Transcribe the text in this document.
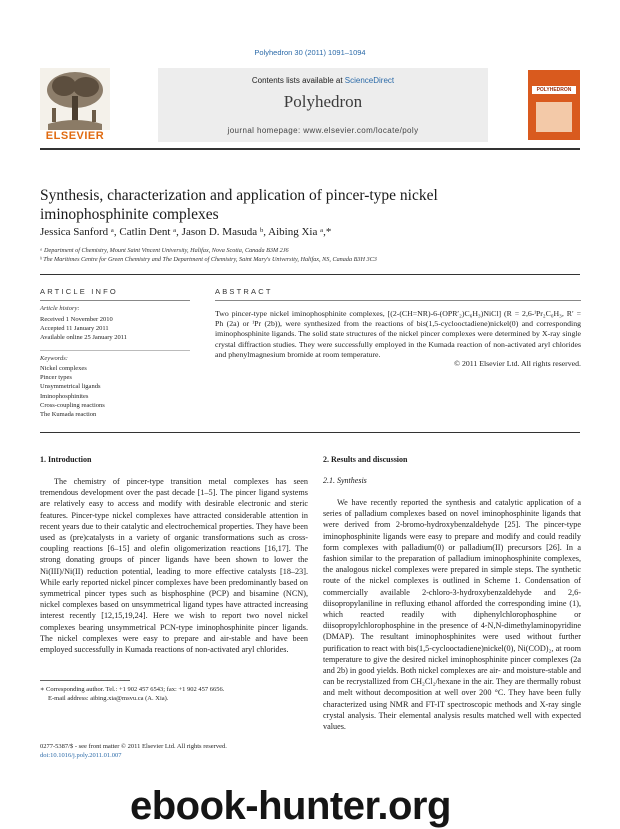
Polyhedron 30 (2011) 1091–1094
ELSEVIER
Contents lists available at ScienceDirect
Polyhedron
journal homepage: www.elsevier.com/locate/poly
POLYHEDRON
Synthesis, characterization and application of pincer-type nickel
iminophosphinite complexes
Jessica Sanford ᵃ, Catlin Dent ᵃ, Jason D. Masuda ᵇ, Aibing Xia ᵃ,*
ᵃ Department of Chemistry, Mount Saint Vincent University, Halifax, Nova Scotia, Canada B3M 2J6
ᵇ The Maritimes Centre for Green Chemistry and The Department of Chemistry, Saint Mary's University, Halifax, NS, Canada B3H 3C3
ARTICLE INFO
Article history:
Received 1 November 2010
Accepted 11 January 2011
Available online 25 January 2011
Keywords:
Nickel complexes
Pincer types
Unsymmetrical ligands
Iminophosphinites
Cross-coupling reactions
The Kumada reaction
ABSTRACT
Two pincer-type nickel iminophosphinite complexes, [(2-(CH=NR)-6-(OPR′₂)C₆H₃)NiCl] (R = 2,6-ⁱPr₂C₆H₃, R′ = Ph (2a) or ⁱPr (2b)), were synthesized from the reactions of bis(1,5-cyclooctadiene)nickel(0) and corresponding iminophosphinite ligands. The solid state structures of the nickel pincer complexes were determined by X-ray single crystal diffraction studies. They were successfully employed in the Kumada reaction of non-activated aryl chlorides and phenylmagnesium bromide at room temperature.
© 2011 Elsevier Ltd. All rights reserved.
1. Introduction

The chemistry of pincer-type transition metal complexes has seen tremendous development over the past decade [1–5]. The pincer ligand systems are relatively easy to access and modify with desirable electronic and steric features. Pincer-type nickel complexes have attracted considerable attention in recent years due to their catalytic and electrochemical properties. They have been used as (pre)catalysts in a variety of organic transformations such as cross-coupling reactions [6–15] and olefin oligomerization reactions [16,17]. The strong donating groups of pincer ligands have been shown to lower the Ni(III)/Ni(II) reduction potential, leading to more effective catalysts [18–23]. While early reported nickel pincer complexes have been predominantly based on symmetrical pincer types such as bisphosphine (PCP) and bisamine (NCN), nickel complexes based on unsymmetrical ligand types have attracted increasing interest recently [12,15,19,24]. Here we wish to report two novel nickel complexes bearing unsymmetrical PCN-type iminophosphinite pincer ligands. The nickel complexes were easy to prepare and air-stable and have been employed successfully in Kumada reactions of non-activated aryl chlorides.

2. Results and discussion
2.1. Synthesis

We have recently reported the synthesis and catalytic application of a series of palladium complexes based on novel iminophosphinite ligands that were derived from 2-bromo-hydroxybenzaldehyde [25]. The pincer-type iminophosphinite ligands were easy to prepare and modify and could readily form complexes with palladium(0) or palladium(II) precursors [26]. In a fashion similar to the preparation of palladium iminophosphinite complexes, the analogous nickel complexes were prepared in simple steps. The synthetic route of the nickel complexes is outlined in Scheme 1. Condensation of commercially available 2-chloro-3-hydroxybenzaldehyde and 2,6-diisopropylaniline in refluxing ethanol afforded the corresponding imine (1), which reacted readily with diphenylchlorophosphine or diisopropylchlorophosphine in the presence of 4-N,N-dimethylaminopyridine (DMAP). The resultant iminophosphinites were used without further purification to react with bis(1,5-cyclooctadiene)nickel(0), Ni(COD)₂, at room temperature to give the desired nickel iminophosphinite pincer complexes (2a and 2b) in good yields. Both nickel complexes are air- and moisture-stable and can be recrystallized from CH₂Cl₂/hexane in the air. They are thermally robust and melt without decomposition at well over 200 °C. They have been fully characterized using NMR and FT-IT spectroscopic methods and X-ray single crystal analysis. Their elemental analysis results matched well with expected values.

∗ Corresponding author. Tel.: +1 902 457 6543; fax: +1 902 457 6656.
E-mail address: aibing.xia@msvu.ca (A. Xia).
0277-5387/$ - see front matter © 2011 Elsevier Ltd. All rights reserved.
doi:10.1016/j.poly.2011.01.007
ebook-hunter.org
